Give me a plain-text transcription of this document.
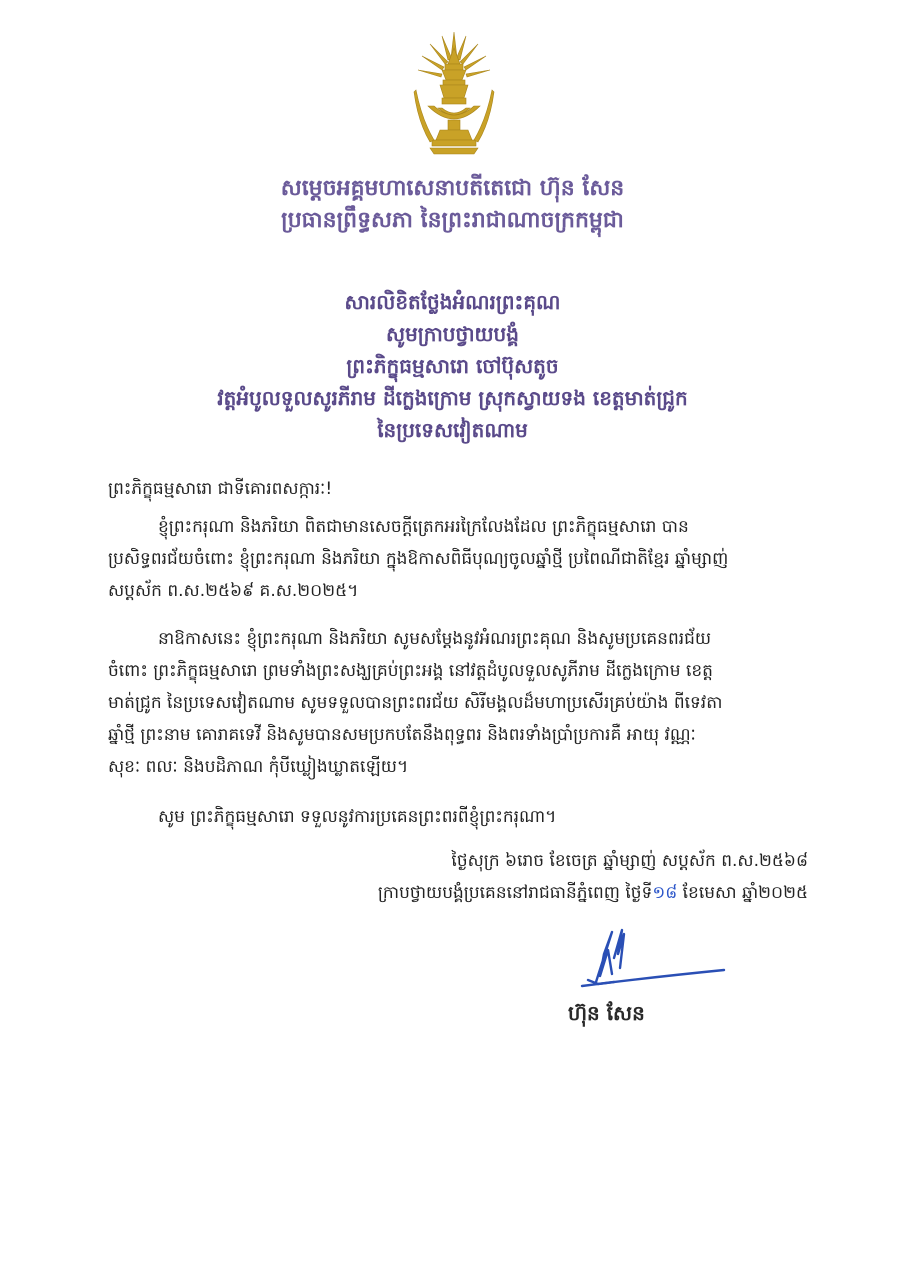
សម្តេចអគ្គមហាសេនាបតីតេជោ ហ៊ុន សែន
ប្រធានព្រឹទ្ធសភា នៃព្រះរាជាណាចក្រកម្ពុជា
សារលិខិតថ្លែងអំណរព្រះគុណ
សូមក្រាបថ្វាយបង្គំ
ព្រះភិក្ខុធម្មសារោ ចៅប៊ុសតូច
វត្តអំបូលទួលសូរភីរាម ដីក្លេងក្រោម ស្រុកស្វាយទង ខេត្តមាត់ជ្រូក
នៃប្រទេសវៀតណាម
ព្រះភិក្ខុធម្មសារោ ជាទីគោរពសក្ការៈ!
ខ្ញុំព្រះករុណា និងភរិយា ពិតជាមានសេចក្តីត្រេកអរក្រៃលែងដែល ព្រះភិក្ខុធម្មសារោ បាន
ប្រសិទ្ធពរជ័យចំពោះ ខ្ញុំព្រះករុណា និងភរិយា ក្នុងឱកាសពិធីបុណ្យចូលឆ្នាំថ្មី ប្រពៃណីជាតិខ្មែរ ឆ្នាំម្សាញ់
សប្តស័ក ព.ស.២៥៦៩ គ.ស.២០២៥។
នាឱកាសនេះ ខ្ញុំព្រះករុណា និងភរិយា សូមសម្តែងនូវអំណរព្រះគុណ និងសូមប្រគេនពរជ័យ
ចំពោះ ព្រះភិក្ខុធម្មសារោ ព្រមទាំងព្រះសង្ឃគ្រប់ព្រះអង្គ នៅវត្តដំបូលទួលសូភីរាម ដីក្លេងក្រោម ខេត្ត
មាត់ជ្រូក នៃប្រទេសវៀតណាម សូមទទួលបានព្រះពរជ័យ សិរីមង្គលដ៏មហាប្រសើរគ្រប់យ៉ាង ពីទេវតា
ឆ្នាំថ្មី ព្រះនាម គោរាគទេវី និងសូមបានសមប្រកបតែនឹងពុទ្ធពរ និងពរទាំងប្រាំប្រការគឺ អាយុ វណ្ណៈ
សុខៈ ពលៈ និងបដិភាណ កុំបីឃ្លៀងឃ្លាតឡើយ។
សូម ព្រះភិក្ខុធម្មសារោ ទទួលនូវការប្រគេនព្រះពរពីខ្ញុំព្រះករុណា។
ថ្ងៃសុក្រ ៦រោច ខែចេត្រ ឆ្នាំម្សាញ់ សប្តស័ក ព.ស.២៥៦៨
ក្រាបថ្វាយបង្គំប្រគេននៅរាជធានីភ្នំពេញ ថ្ងៃទី១៨ ខែមេសា ឆ្នាំ២០២៥
ហ៊ុន សែន
